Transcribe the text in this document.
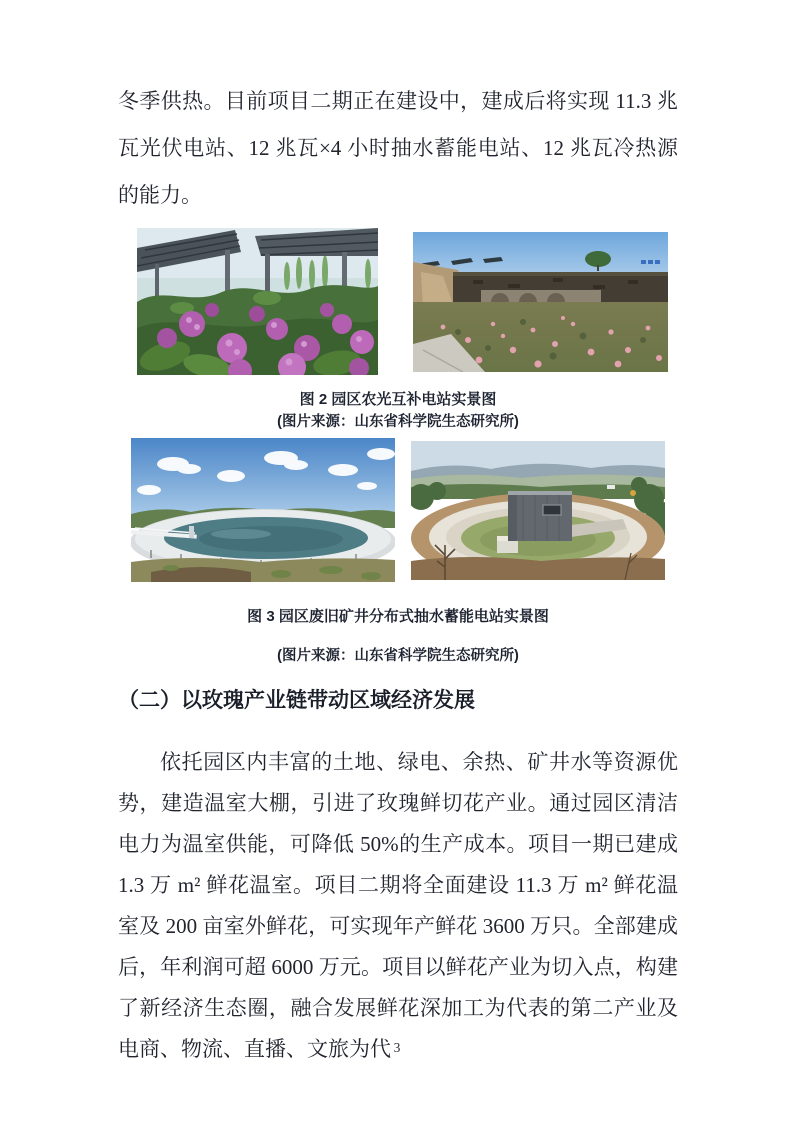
冬季供热。目前项目二期正在建设中，建成后将实现 11.3 兆瓦光伏电站、12 兆瓦×4 小时抽水蓄能电站、12 兆瓦冷热源的能力。

图 2 园区农光互补电站实景图

(图片来源：山东省科学院生态研究所)

图 3 园区废旧矿井分布式抽水蓄能电站实景图

(图片来源：山东省科学院生态研究所)

（二）以玫瑰产业链带动区域经济发展

依托园区内丰富的土地、绿电、余热、矿井水等资源优势，建造温室大棚，引进了玫瑰鲜切花产业。通过园区清洁电力为温室供能，可降低 50%的生产成本。项目一期已建成 1.3 万 m² 鲜花温室。项目二期将全面建设 11.3 万 m² 鲜花温室及 200 亩室外鲜花，可实现年产鲜花 3600 万只。全部建成后，年利润可超 6000 万元。项目以鲜花产业为切入点，构建了新经济生态圈，融合发展鲜花深加工为代表的第二产业及电商、物流、直播、文旅为代 3
